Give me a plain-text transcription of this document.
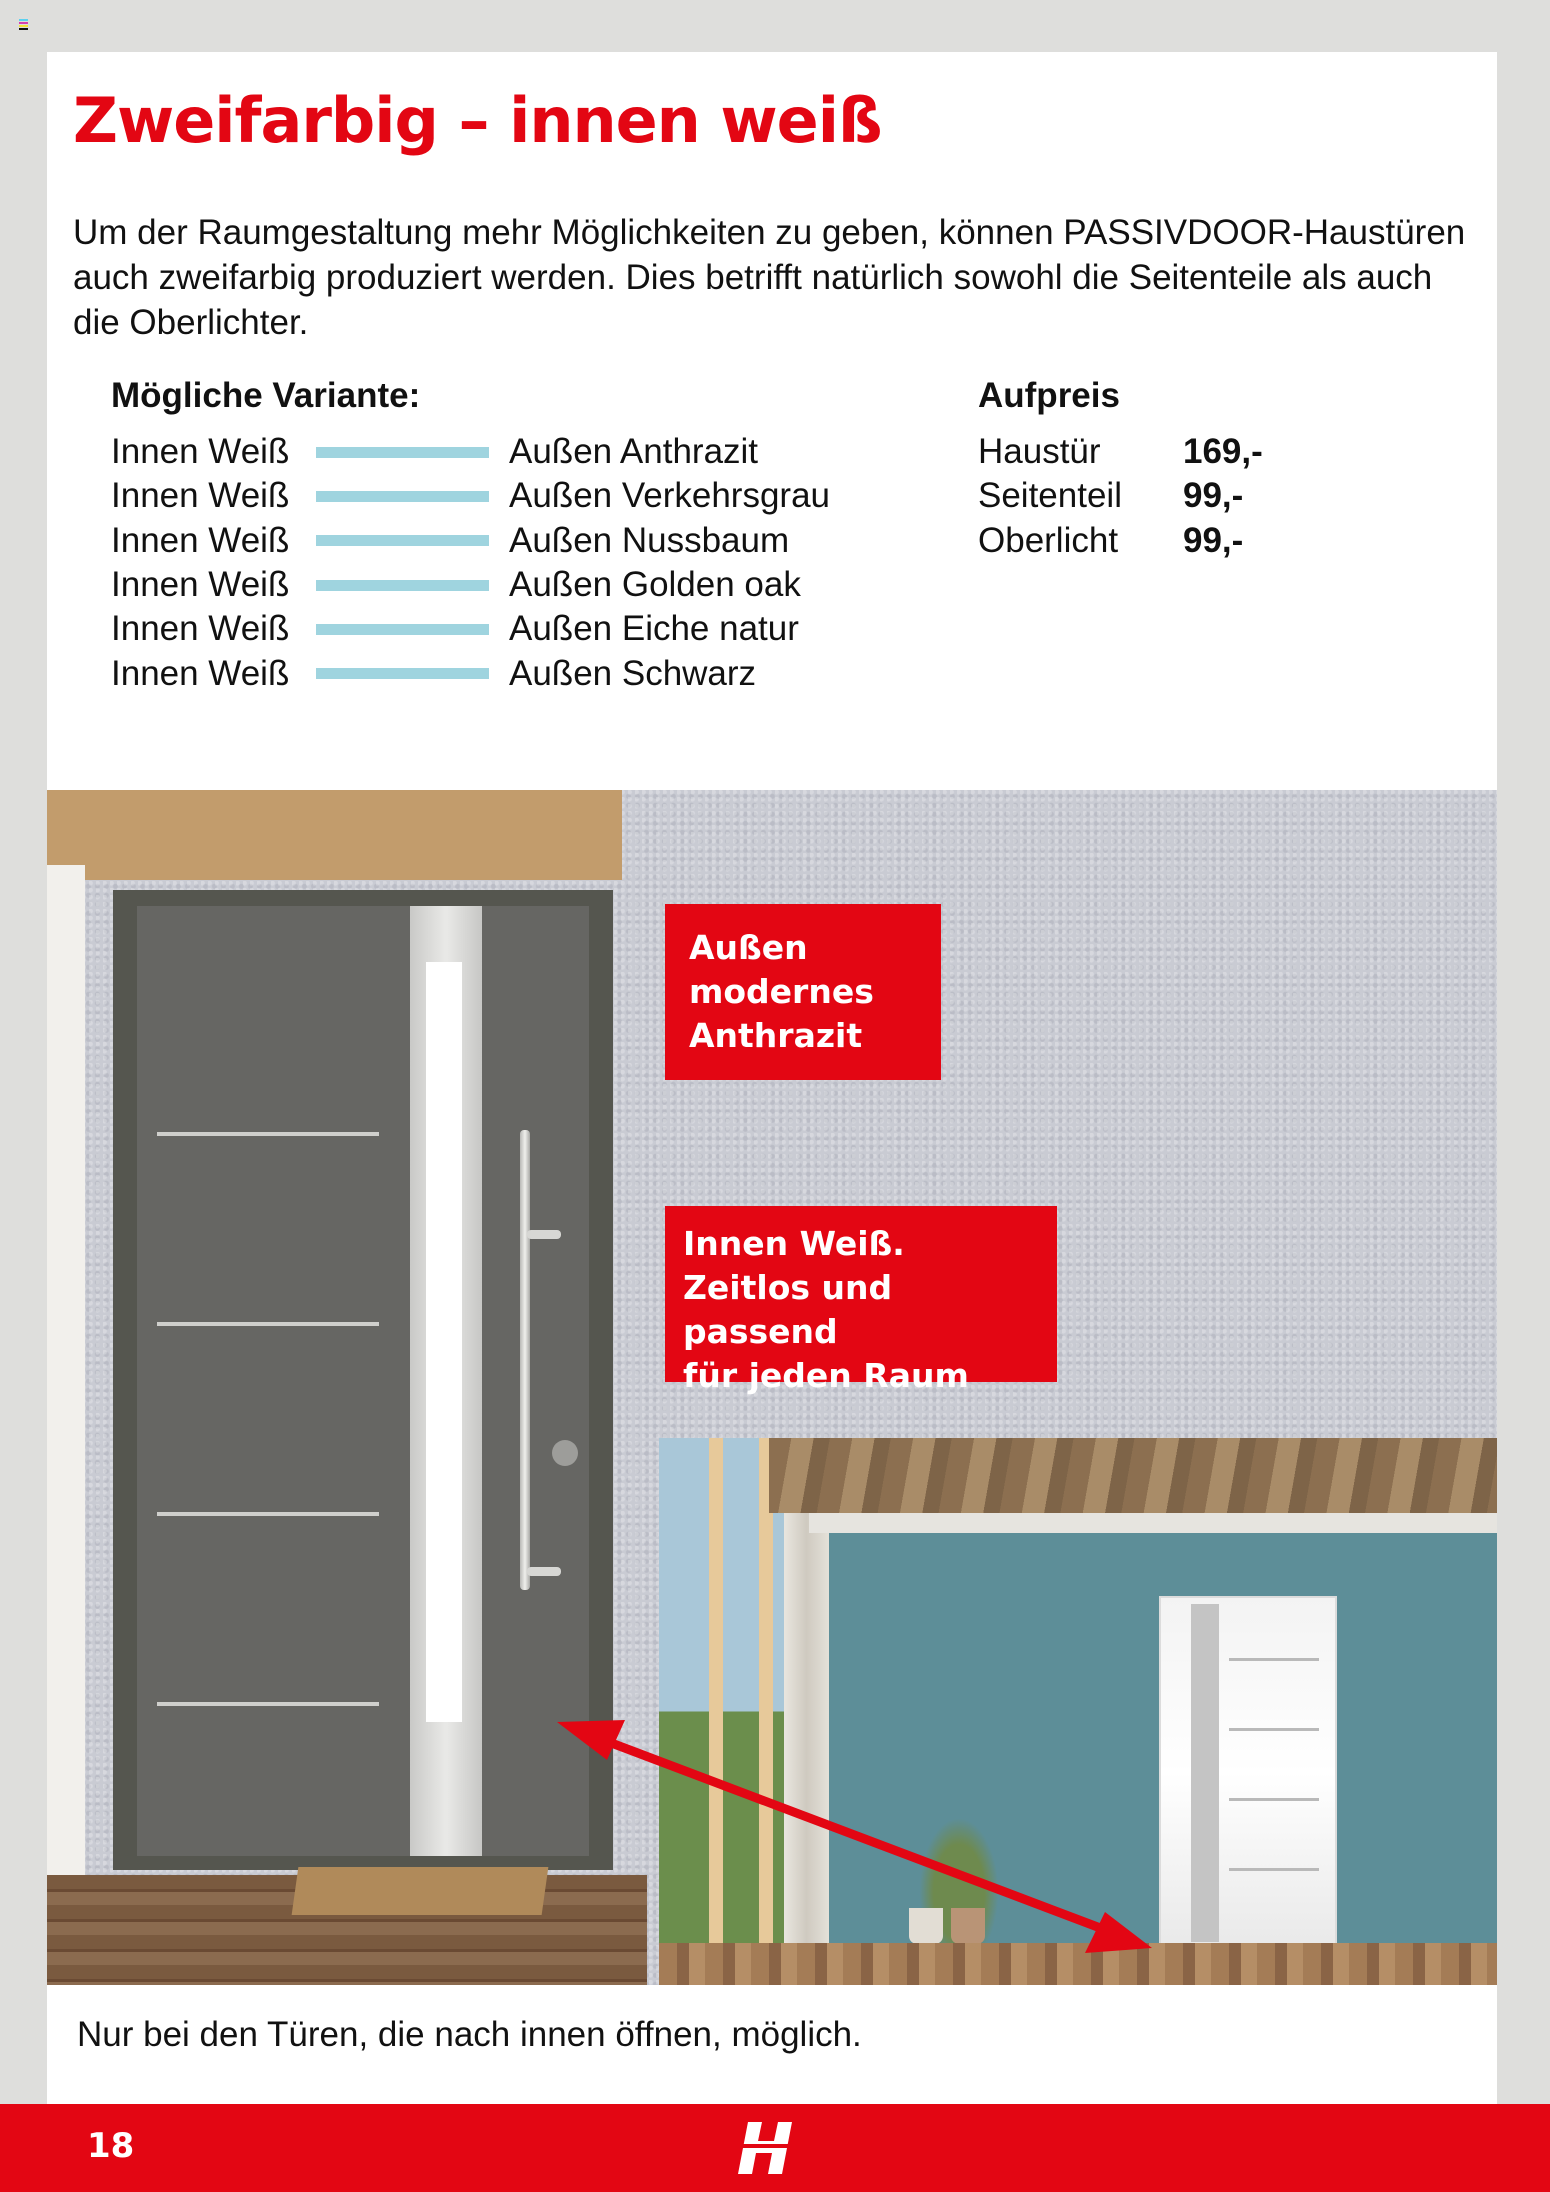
Zweifarbig – innen weiß

Um der Raumgestaltung mehr Möglichkeiten zu geben, können PASSIVDOOR-Haustüren auch zweifarbig produziert werden. Dies betrifft natürlich sowohl die Seitenteile als auch die Oberlichter.

Mögliche Variante:
Innen Weiß	Außen Anthrazit
Innen Weiß	Außen Verkehrsgrau
Innen Weiß	Außen Nussbaum
Innen Weiß	Außen Golden oak
Innen Weiß	Außen Eiche natur
Innen Weiß	Außen Schwarz
Aufpreis
Haustür	169,-
Seitenteil	99,-
Oberlicht	99,-
Außen
modernes
Anthrazit
Innen Weiß.
Zeitlos und passend
für jeden Raum

Nur bei den Türen, die nach innen öffnen, möglich.

18
